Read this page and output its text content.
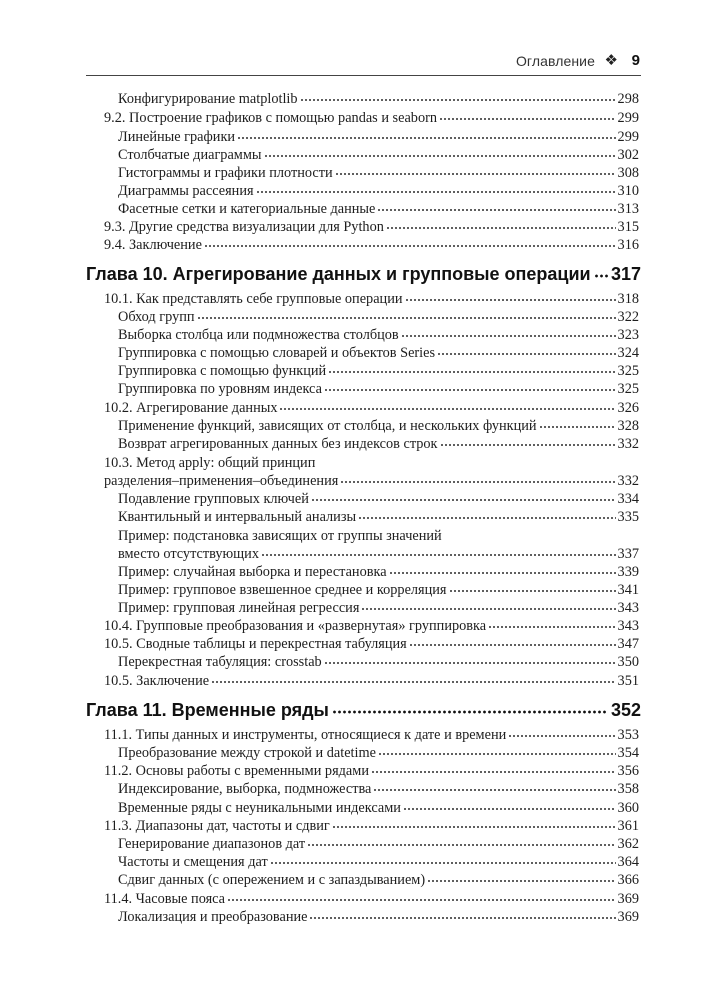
Оглавление ❖ 9
Конфигурирование matplotlib	298
9.2. Построение графиков с помощью pandas и seaborn	299
Линейные графики	299
Столбчатые диаграммы	302
Гистограммы и графики плотности	308
Диаграммы рассеяния	310
Фасетные сетки и категориальные данные	313
9.3. Другие средства визуализации для Python	315
9.4. Заключение	316
Глава 10. Агрегирование данных и групповые операции 317
10.1. Как представлять себе групповые операции	318
Обход групп	322
Выборка столбца или подмножества столбцов	323
Группировка с помощью словарей и объектов Series	324
Группировка с помощью функций	325
Группировка по уровням индекса	325
10.2. Агрегирование данных	326
Применение функций, зависящих от столбца, и нескольких функций	328
Возврат агрегированных данных без индексов строк	332
10.3. Метод apply: общий принцип
разделения–применения–объединения	332
Подавление групповых ключей	334
Квантильный и интервальный анализы	335
Пример: подстановка зависящих от группы значений
вместо отсутствующих	337
Пример: случайная выборка и перестановка	339
Пример: групповое взвешенное среднее и корреляция	341
Пример: групповая линейная регрессия	343
10.4. Групповые преобразования и «развернутая» группировка	343
10.5. Сводные таблицы и перекрестная табуляция	347
Перекрестная табуляция: crosstab	350
10.5. Заключение	351
Глава 11. Временные ряды	352
11.1. Типы данных и инструменты, относящиеся к дате и времени	353
Преобразование между строкой и datetime	354
11.2. Основы работы с временными рядами	356
Индексирование, выборка, подмножества	358
Временные ряды с неуникальными индексами	360
11.3. Диапазоны дат, частоты и сдвиг	361
Генерирование диапазонов дат	362
Частоты и смещения дат	364
Сдвиг данных (с опережением и с запаздыванием)	366
11.4. Часовые пояса	369
Локализация и преобразование	369
